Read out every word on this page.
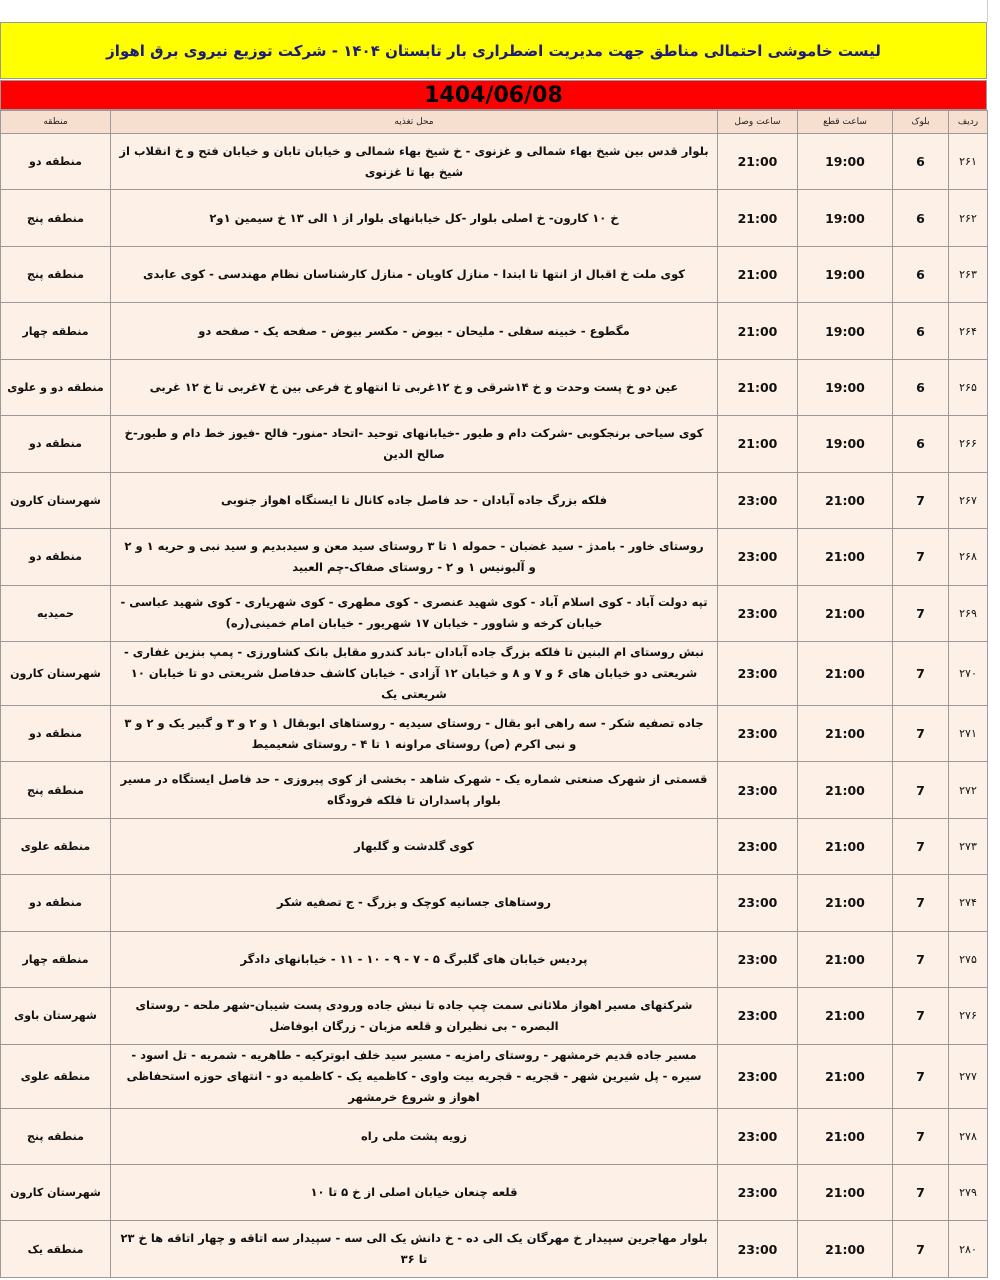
لیست خاموشی احتمالی مناطق جهت مدیریت اضطراری بار تابستان ۱۴۰۴ - شرکت توزیع نیروی برق اهواز
1404/06/08
ردیف	بلوک	ساعت قطع	ساعت وصل	محل تغذیه	منطقه
۲۶۱	6	19:00	21:00	بلوار قدس بین شیخ بهاء شمالی و غزنوی - خ شیخ بهاء شمالی و خیابان تابان و خیابان فتح و خ انقلاب از شیخ بها تا غزنوی	منطقه دو
۲۶۲	6	19:00	21:00	خ ۱۰ کارون- خ اصلی بلوار -کل خیابانهای بلوار از ۱ الی ۱۳ خ سیمین ۱و۲	منطقه پنج
۲۶۳	6	19:00	21:00	کوی ملت خ اقبال از انتها تا ابتدا - منازل کاویان - منازل کارشناسان نظام مهندسی - کوی عابدی	منطقه پنج
۲۶۴	6	19:00	21:00	مگطوع - خبینه سفلی - ملیحان - بیوض - مکسر بیوض - صفحه یک - صفحه دو	منطقه چهار
۲۶۵	6	19:00	21:00	عین دو خ پست وحدت و خ ۱۴شرقی و خ ۱۲غربی تا انتهاو خ فرعی بین خ ۷غربی تا خ ۱۲ غربی	منطقه دو و علوی
۲۶۶	6	19:00	21:00	کوی سیاحی برنجکوبی -شرکت دام و طیور -خیابانهای توحید -اتحاد -منور- فالح -فیوز خط دام و طیور-خ صالح الدین	منطقه دو
۲۶۷	7	21:00	23:00	فلکه بزرگ جاده آبادان - حد فاصل جاده کانال تا ایستگاه اهواز جنوبی	شهرستان کارون
۲۶۸	7	21:00	23:00	روستای خاور - بامدژ - سید غضبان - حموله ۱ تا ۳ روستای سید معن و سیدبدیم و سید نبی و حریه ۱ و ۲ و آلبونیس ۱ و ۲ - روستای صفاک-چم العبید	منطقه دو
۲۶۹	7	21:00	23:00	تپه دولت آباد - کوی اسلام آباد - کوی شهید عنصری - کوی مطهری - کوی شهریاری - کوی شهید عباسی - خیابان کرخه و شاوور - خیابان ۱۷ شهریور - خیابان امام خمینی(ره)	حمیدیه
۲۷۰	7	21:00	23:00	نبش روستای ام البنین تا فلکه بزرگ جاده آبادان -باند کندرو مقابل بانک کشاورزی - پمپ بنزین غفاری - شریعتی دو خیابان های ۶ و ۷ و ۸ و خیابان ۱۲ آزادی - خیابان کاشف حدفاصل شریعتی دو تا خیابان ۱۰ شریعتی یک	شهرستان کارون
۲۷۱	7	21:00	23:00	جاده تصفیه شکر - سه راهی ابو بقال - روستای سیدیه - روستاهای ابوبقال ۱ و ۲ و ۳ و گبیر یک و ۲ و ۳ و نبی اکرم (ص) روستای مراونه ۱ تا ۴ - روستای شعیمیط	منطقه دو
۲۷۲	7	21:00	23:00	قسمتی از شهرک صنعتی شماره یک - شهرک شاهد - بخشی از کوی پیروزی - حد فاصل ایستگاه در مسیر بلوار پاسداران تا فلکه فرودگاه	منطقه پنج
۲۷۳	7	21:00	23:00	کوی گلدشت و گلبهار	منطقه علوی
۲۷۴	7	21:00	23:00	روستاهای جسانیه کوچک و بزرگ - ج تصفیه شکر	منطقه دو
۲۷۵	7	21:00	23:00	پردیس خیابان های گلبرگ ۵ - ۷ - ۹ - ۱۰ - ۱۱ - خیابانهای دادگر	منطقه چهار
۲۷۶	7	21:00	23:00	شرکتهای مسیر اهواز ملاثانی سمت چپ جاده تا نبش جاده ورودی پست شیبان-شهر ملحه - روستای البصره - بی نظیران و قلعه مزبان - زرگان ابوفاضل	شهرستان باوی
۲۷۷	7	21:00	23:00	مسیر جاده قدیم خرمشهر - روستای رامزیه - مسیر سید خلف ابوترکیه - طاهریه - شمریه - تل اسود - سیره - پل شیرین شهر - قجریه - قجریه بیت واوی - کاظمیه یک - کاظمیه دو - انتهای حوزه استحفاظی اهواز و شروع خرمشهر	منطقه علوی
۲۷۸	7	21:00	23:00	زویه پشت ملی راه	منطقه پنج
۲۷۹	7	21:00	23:00	قلعه چنعان خیابان اصلی از خ ۵ تا ۱۰	شهرستان کارون
۲۸۰	7	21:00	23:00	بلوار مهاجرین سپیدار خ مهرگان یک الی ده - خ دانش یک الی سه - سپیدار سه اتاقه و چهار اتاقه ها خ ۲۳ تا ۳۶	منطقه یک
